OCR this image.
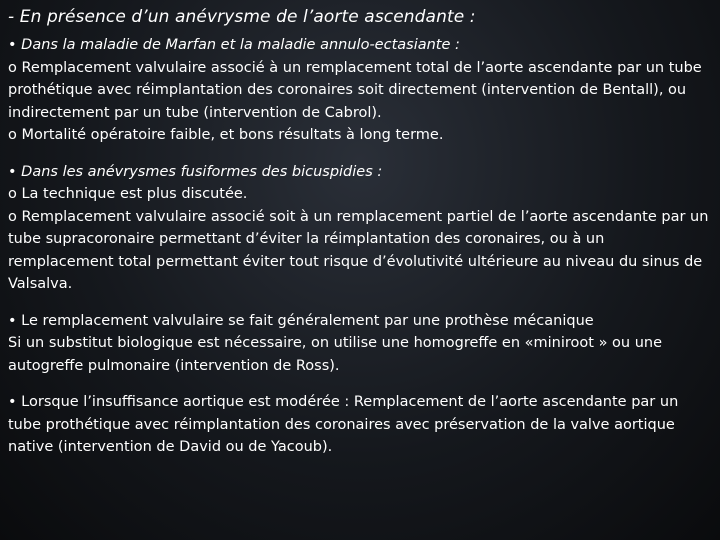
- En présence d’un anévrysme de l’aorte ascendante :

• Dans la maladie de Marfan et la maladie annulo-ectasiante :

o Remplacement valvulaire associé à un remplacement total de l’aorte ascendante par un tube prothétique avec réimplantation des coronaires soit directement (intervention de Bentall), ou indirectement par un tube (intervention de Cabrol).

o Mortalité opératoire faible, et bons résultats à long terme.

• Dans les anévrysmes fusiformes des bicuspidies :

o La technique est plus discutée.

o Remplacement valvulaire associé soit à un remplacement partiel de l’aorte ascendante par un tube supracoronaire permettant d’éviter la réimplantation des coronaires, ou à un remplacement total permettant éviter tout risque d’évolutivité ultérieure au niveau du sinus de Valsalva.

• Le remplacement valvulaire se fait généralement par une prothèse mécanique

Si un substitut biologique est nécessaire, on utilise une homogreffe en «miniroot » ou une autogreffe pulmonaire (intervention de Ross).

• Lorsque l’insuffisance aortique est modérée : Remplacement de l’aorte ascendante par un tube prothétique avec réimplantation des coronaires avec préservation de la valve aortique native (intervention de David ou de Yacoub).
